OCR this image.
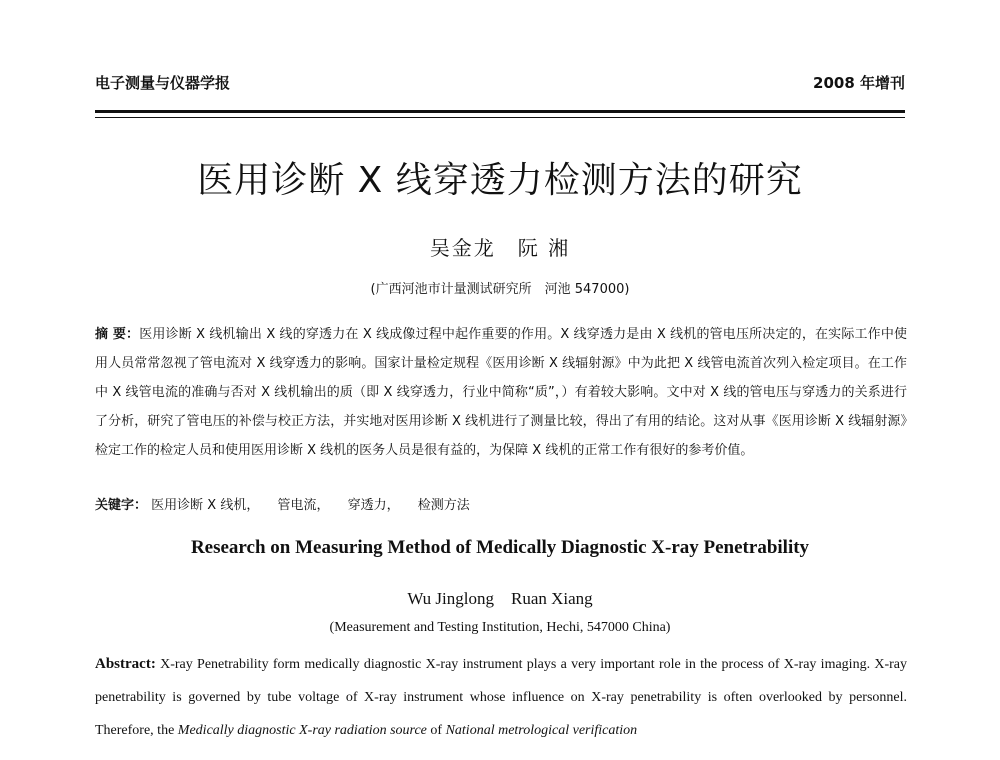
电子测量与仪器学报	2008 年增刊
医用诊断 X 线穿透力检测方法的研究
吴金龙　阮 湘
(广西河池市计量测试研究所　河池 547000)
摘 要：医用诊断 X 线机输出 X 线的穿透力在 X 线成像过程中起作重要的作用。X 线穿透力是由 X 线机的管电压所决定的，在实际工作中使用人员常常忽视了管电流对 X 线穿透力的影响。国家计量检定规程《医用诊断 X 线辐射源》中为此把 X 线管电流首次列入检定项目。在工作中 X 线管电流的准确与否对 X 线机输出的质（即 X 线穿透力，行业中简称“质”，）有着较大影响。文中对 X 线的管电压与穿透力的关系进行了分析，研究了管电压的补偿与校正方法，并实地对医用诊断 X 线机进行了测量比较，得出了有用的结论。这对从事《医用诊断 X 线辐射源》检定工作的检定人员和使用医用诊断 X 线机的医务人员是很有益的，为保障 X 线机的正常工作有很好的参考价值。
关键字： 医用诊断 X 线机， 管电流， 穿透力， 检测方法
Research on Measuring Method of Medically Diagnostic X-ray Penetrability
Wu Jinglong　Ruan Xiang
(Measurement and Testing Institution, Hechi, 547000 China)
Abstract: X-ray Penetrability form medically diagnostic X-ray instrument plays a very important role in the process of X-ray imaging. X-ray penetrability is governed by tube voltage of X-ray instrument whose influence on X-ray penetrability is often overlooked by personnel. Therefore, the Medically diagnostic X-ray radiation source of National metrological verification
